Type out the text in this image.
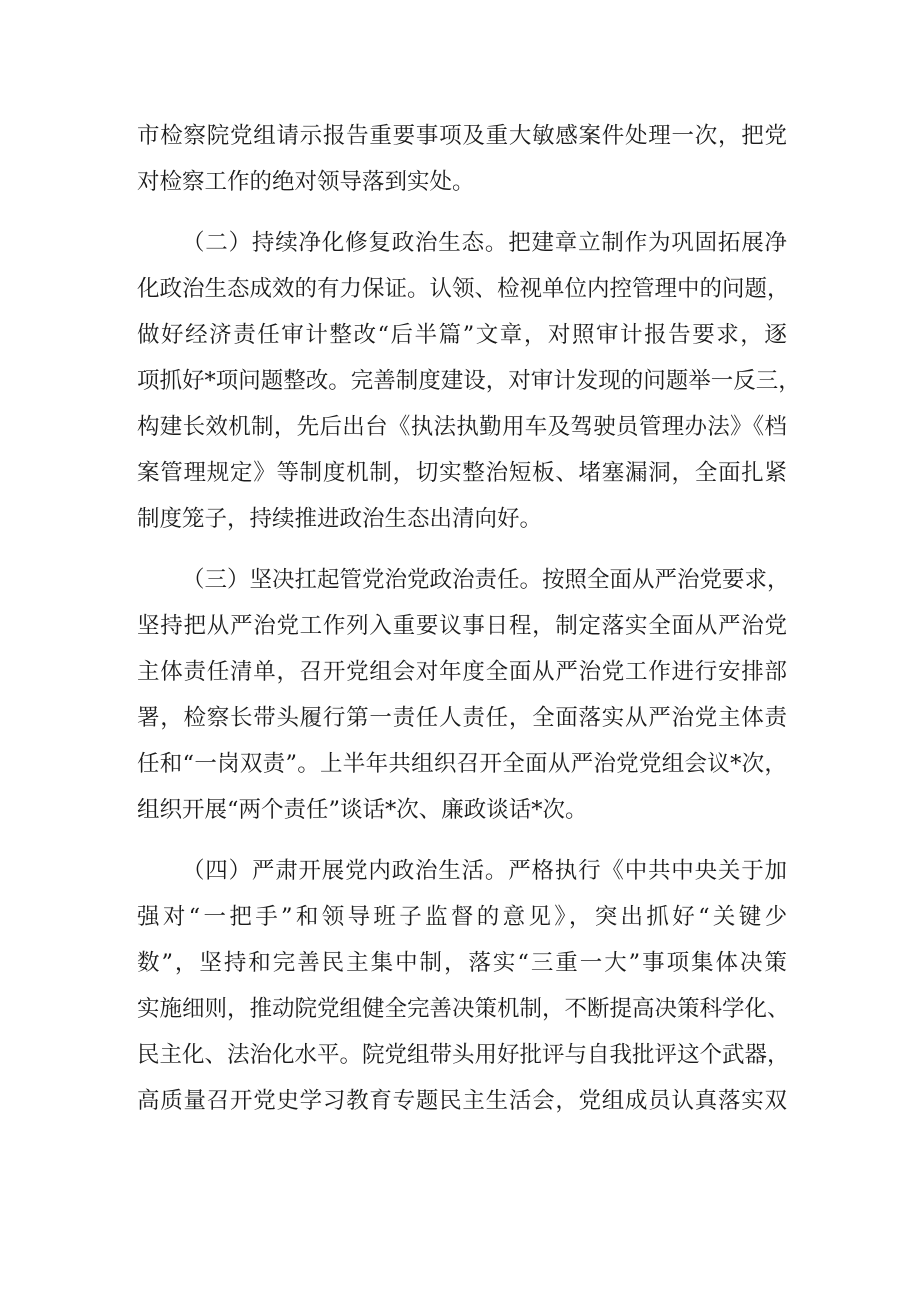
市检察院党组请示报告重要事项及重大敏感案件处理一次，把党
对检察工作的绝对领导落到实处。
（二）持续净化修复政治生态。把建章立制作为巩固拓展净
化政治生态成效的有力保证。认领、检视单位内控管理中的问题，
做好经济责任审计整改“后半篇”文章，对照审计报告要求，逐
项抓好*项问题整改。完善制度建设，对审计发现的问题举一反三，
构建长效机制，先后出台《执法执勤用车及驾驶员管理办法》《档
案管理规定》等制度机制，切实整治短板、堵塞漏洞，全面扎紧
制度笼子，持续推进政治生态出清向好。
（三）坚决扛起管党治党政治责任。按照全面从严治党要求，
坚持把从严治党工作列入重要议事日程，制定落实全面从严治党
主体责任清单，召开党组会对年度全面从严治党工作进行安排部
署，检察长带头履行第一责任人责任，全面落实从严治党主体责
任和“一岗双责”。上半年共组织召开全面从严治党党组会议*次，
组织开展“两个责任”谈话*次、廉政谈话*次。
（四）严肃开展党内政治生活。严格执行《中共中央关于加
强对“一把手”和领导班子监督的意见》，突出抓好“关键少
数”，坚持和完善民主集中制，落实“三重一大”事项集体决策
实施细则，推动院党组健全完善决策机制，不断提高决策科学化、
民主化、法治化水平。院党组带头用好批评与自我批评这个武器，
高质量召开党史学习教育专题民主生活会，党组成员认真落实双
